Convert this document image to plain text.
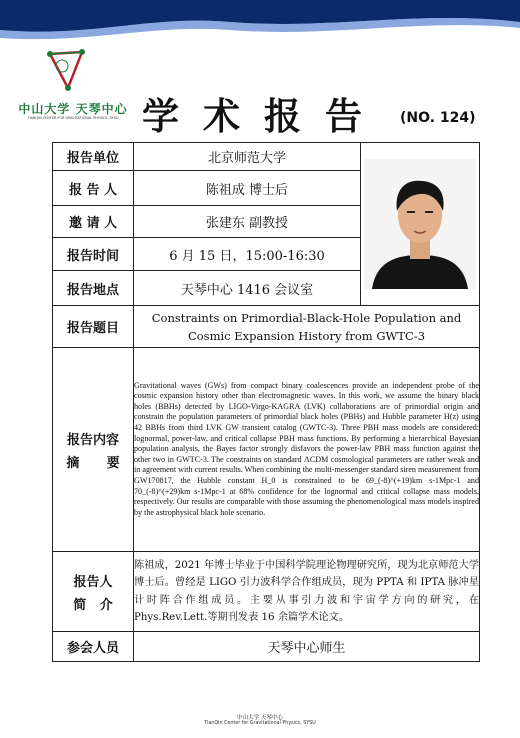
中山大学 天琴中心
TIANQIN CENTER FOR GRAVITATIONAL PHYSICS, SYSU 学术报告 (NO. 124)
报告单位	北京师范大学	

报 告 人	陈祖成 博士后	
邀 请 人	张建东 副教授	
报告时间	6 月 15 日，15:00-16:30	
报告地点	天琴中心 1416 会议室	
报告题目	Constraints on Primordial-Black-Hole Population and Cosmic Expansion History from GWTC-3	

报告内容
摘      要	Gravitational waves (GWs) from compact binary coalescences provide an independent probe of the cosmic expansion history other than electromagnetic waves. In this work, we assume the binary black holes (BBHs) detected by LIGO-Virgo-KAGRA (LVK) collaborations are of primordial origin and constrain the population parameters of primordial black holes (PBHs) and Hubble parameter H(z) using 42 BBHs from third LVK GW transient catalog (GWTC-3). Three PBH mass models are considered: lognormal, power-law, and critical collapse PBH mass functions. By performing a hierarchical Bayesian population analysis, the Bayes factor strongly disfavors the power-law PBH mass function against the other two in GWTC-3. The constraints on standard ΛCDM cosmological parameters are rather weak and in agreement with current results. When combining the multi-messenger standard siren measurement from GW170817, the Hubble constant H_0 is constrained to be 69_(-8)^(+19)km s-1Mpc-1 and 70_(-8)^(+29)km s-1Mpc-1 at 68% confidence for the lognormal and critical collapse mass models, respectively. Our results are comparable with those assuming the phenomenological mass models inspired by the astrophysical black hole scenario.	

报告人
简   介	陈祖成，2021 年博士毕业于中国科学院理论物理研究所，现为北京师范大学博士后。曾经是 LIGO 引力波科学合作组成员，现为 PPTA 和 IPTA 脉冲星计时阵合作组成员。主要从事引力波和宇宙学方向的研究，在 Phys.Rev.Lett.等期刊发表 16 余篇学术论文。	
参会人员	天琴中心师生	
中山大学 天琴中心
TianQin Center for Gravitational Physics, SYSU
